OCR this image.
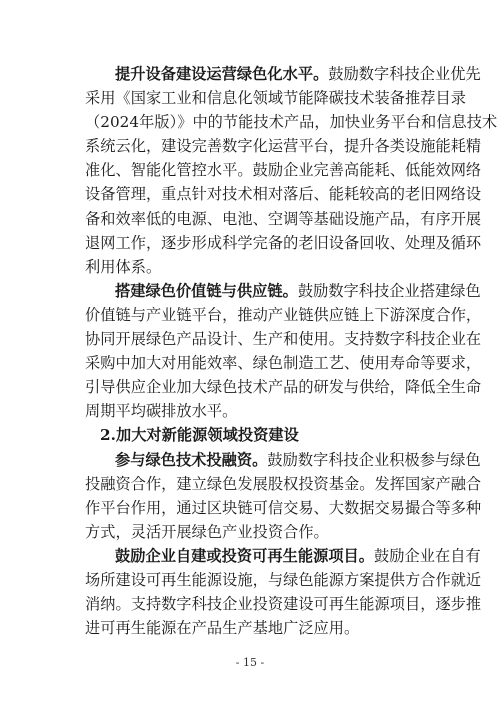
提升设备建设运营绿色化水平。鼓励数字科技企业优先
采用《国家工业和信息化领域节能降碳技术装备推荐目录
（2024年版）》中的节能技术产品，加快业务平台和信息技术
系统云化，建设完善数字化运营平台，提升各类设施能耗精
准化、智能化管控水平。鼓励企业完善高能耗、低能效网络
设备管理，重点针对技术相对落后、能耗较高的老旧网络设
备和效率低的电源、电池、空调等基础设施产品，有序开展
退网工作，逐步形成科学完备的老旧设备回收、处理及循环
利用体系。
搭建绿色价值链与供应链。鼓励数字科技企业搭建绿色
价值链与产业链平台，推动产业链供应链上下游深度合作，
协同开展绿色产品设计、生产和使用。支持数字科技企业在
采购中加大对用能效率、绿色制造工艺、使用寿命等要求，
引导供应企业加大绿色技术产品的研发与供给，降低全生命
周期平均碳排放水平。
2.加大对新能源领域投资建设
参与绿色技术投融资。鼓励数字科技企业积极参与绿色
投融资合作，建立绿色发展股权投资基金。发挥国家产融合
作平台作用，通过区块链可信交易、大数据交易撮合等多种
方式，灵活开展绿色产业投资合作。
鼓励企业自建或投资可再生能源项目。鼓励企业在自有
场所建设可再生能源设施，与绿色能源方案提供方合作就近
消纳。支持数字科技企业投资建设可再生能源项目，逐步推
进可再生能源在产品生产基地广泛应用。
- 15 -
